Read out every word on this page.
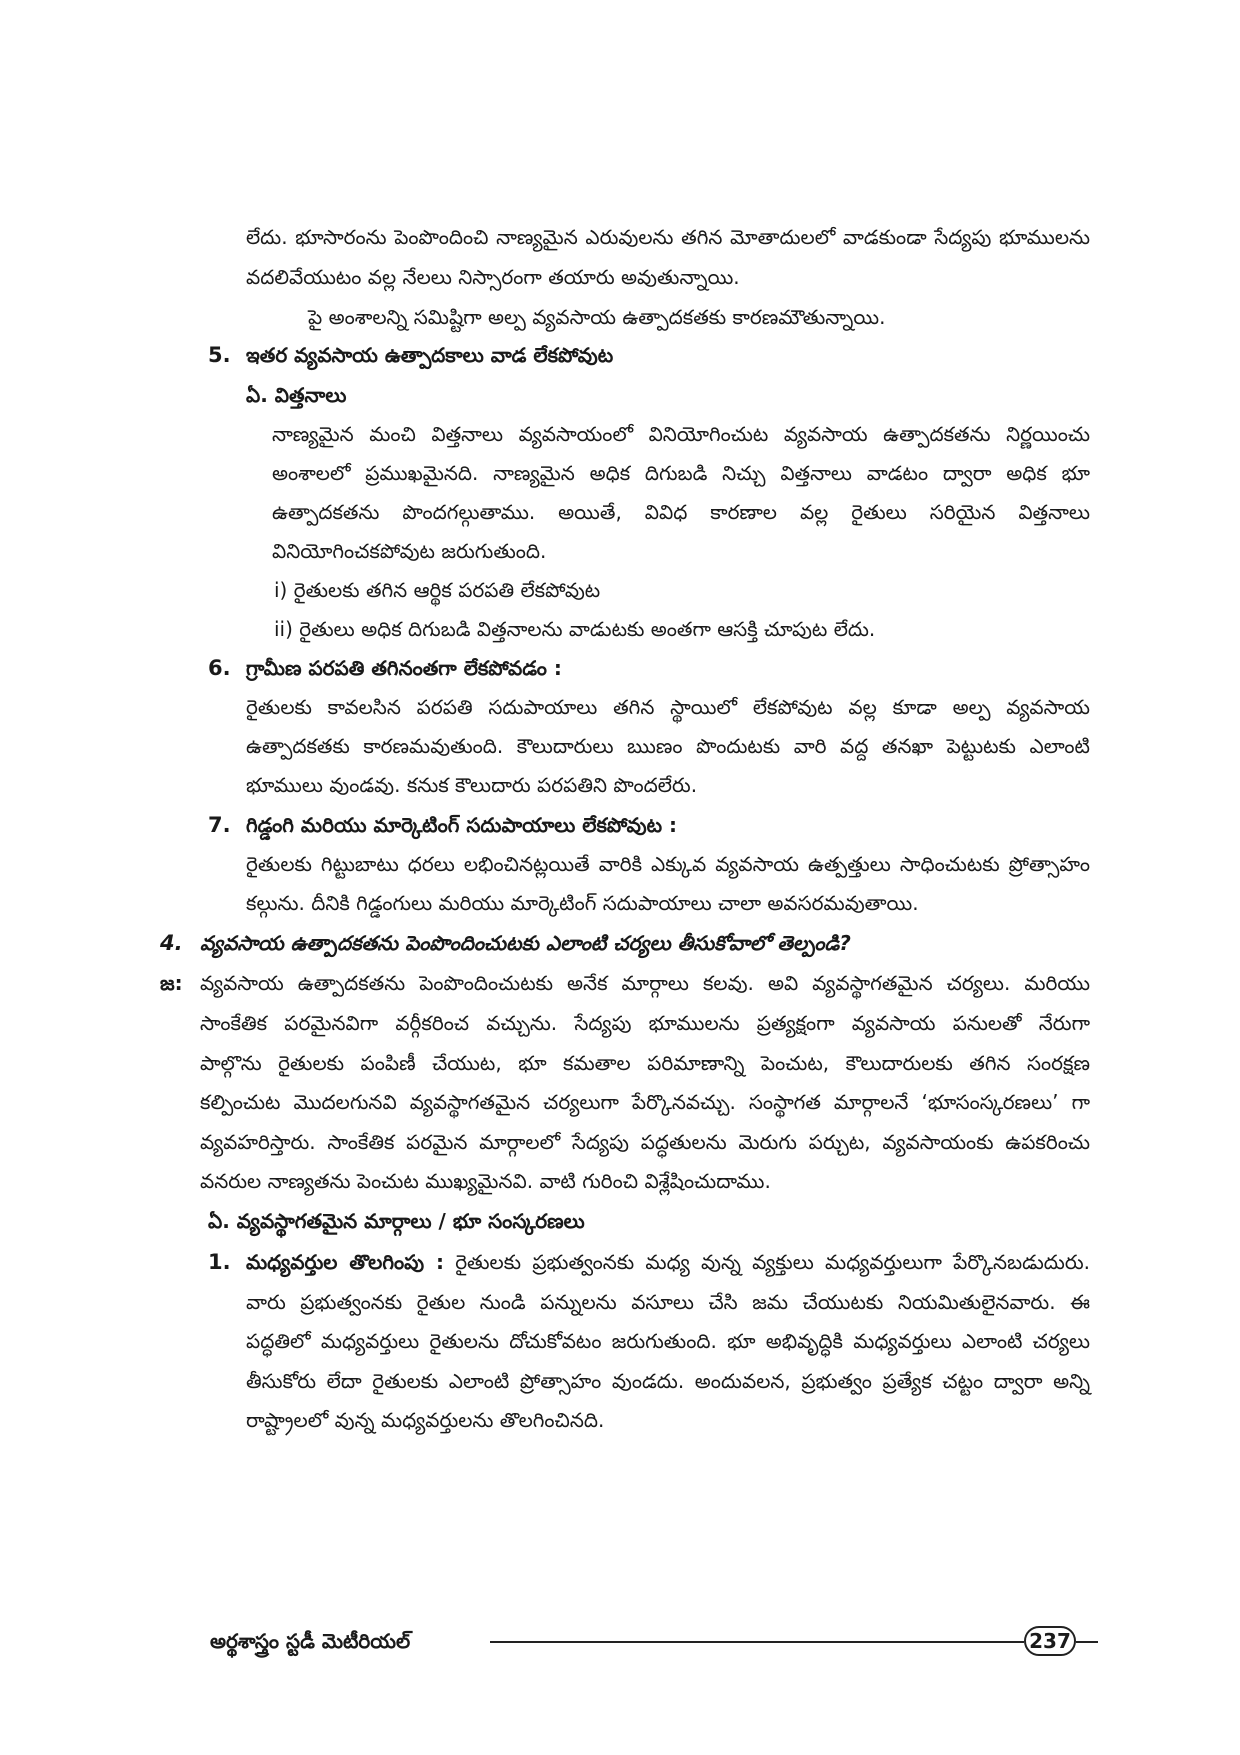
లేదు. భూసారంను పెంపొందించి నాణ్యమైన ఎరువులను తగిన మోతాదులలో వాడకుండా సేద్యపు భూములను
వదలివేయుటం వల్ల నేలలు నిస్సారంగా తయారు అవుతున్నాయి.
పై అంశాలన్ని సమిష్టిగా అల్ప వ్యవసాయ ఉత్పాదకతకు కారణమౌతున్నాయి.
5. ఇతర వ్యవసాయ ఉత్పాదకాలు వాడ లేకపోవుట
ఏ. విత్తనాలు
నాణ్యమైన మంచి విత్తనాలు వ్యవసాయంలో వినియోగించుట వ్యవసాయ ఉత్పాదకతను నిర్ణయించు
అంశాలలో ప్రముఖమైనది. నాణ్యమైన అధిక దిగుబడి నిచ్చు విత్తనాలు వాడటం ద్వారా అధిక భూ
ఉత్పాదకతను పొందగల్గుతాము. అయితే, వివిధ కారణాల వల్ల రైతులు సరియైన విత్తనాలు
వినియోగించకపోవుట జరుగుతుంది.
i) రైతులకు తగిన ఆర్థిక పరపతి లేకపోవుట
ii) రైతులు అధిక దిగుబడి విత్తనాలను వాడుటకు అంతగా ఆసక్తి చూపుట లేదు.
6. గ్రామీణ పరపతి తగినంతగా లేకపోవడం :
రైతులకు కావలసిన పరపతి సదుపాయాలు తగిన స్థాయిలో లేకపోవుట వల్ల కూడా అల్ప వ్యవసాయ
ఉత్పాదకతకు కారణమవుతుంది. కౌలుదారులు ఋణం పొందుటకు వారి వద్ద తనఖా పెట్టుటకు ఎలాంటి
భూములు వుండవు. కనుక కౌలుదారు పరపతిని పొందలేరు.
7. గిడ్డంగి మరియు మార్కెటింగ్ సదుపాయాలు లేకపోవుట :
రైతులకు గిట్టుబాటు ధరలు లభించినట్లయితే వారికి ఎక్కువ వ్యవసాయ ఉత్పత్తులు సాధించుటకు ప్రోత్సాహం
కల్గును. దీనికి గిడ్డంగులు మరియు మార్కెటింగ్ సదుపాయాలు చాలా అవసరమవుతాయి.
4. వ్యవసాయ ఉత్పాదకతను పెంపొందించుటకు ఎలాంటి చర్యలు తీసుకోవాలో తెల్పండి?
జ: వ్యవసాయ ఉత్పాదకతను పెంపొందించుటకు అనేక మార్గాలు కలవు. అవి వ్యవస్థాగతమైన చర్యలు. మరియు
సాంకేతిక పరమైనవిగా వర్గీకరించ వచ్చును. సేద్యపు భూములను ప్రత్యక్షంగా వ్యవసాయ పనులతో నేరుగా
పాల్గొను రైతులకు పంపిణీ చేయుట, భూ కమతాల పరిమాణాన్ని పెంచుట, కౌలుదారులకు తగిన సంరక్షణ
కల్పించుట మొదలగునవి వ్యవస్థాగతమైన చర్యలుగా పేర్కొనవచ్చు. సంస్థాగత మార్గాలనే ‘భూసంస్కరణలు’ గా
వ్యవహరిస్తారు. సాంకేతిక పరమైన మార్గాలలో సేద్యపు పద్ధతులను మెరుగు పర్చుట, వ్యవసాయంకు ఉపకరించు
వనరుల నాణ్యతను పెంచుట ముఖ్యమైనవి. వాటి గురించి విశ్లేషించుదాము.
ఏ. వ్యవస్థాగతమైన మార్గాలు / భూ సంస్కరణలు
1. మధ్యవర్తుల తొలగింపు : రైతులకు ప్రభుత్వంనకు మధ్య వున్న వ్యక్తులు మధ్యవర్తులుగా పేర్కొనబడుదురు.
వారు ప్రభుత్వంనకు రైతుల నుండి పన్నులను వసూలు చేసి జమ చేయుటకు నియమితులైనవారు. ఈ
పద్ధతిలో మధ్యవర్తులు రైతులను దోచుకోవటం జరుగుతుంది. భూ అభివృద్ధికి మధ్యవర్తులు ఎలాంటి చర్యలు
తీసుకోరు లేదా రైతులకు ఎలాంటి ప్రోత్సాహం వుండదు. అందువలన, ప్రభుత్వం ప్రత్యేక చట్టం ద్వారా అన్ని
రాష్ట్రాలలో వున్న మధ్యవర్తులను తొలగించినది.
అర్థశాస్త్రం స్టడీ మెటీరియల్	237
